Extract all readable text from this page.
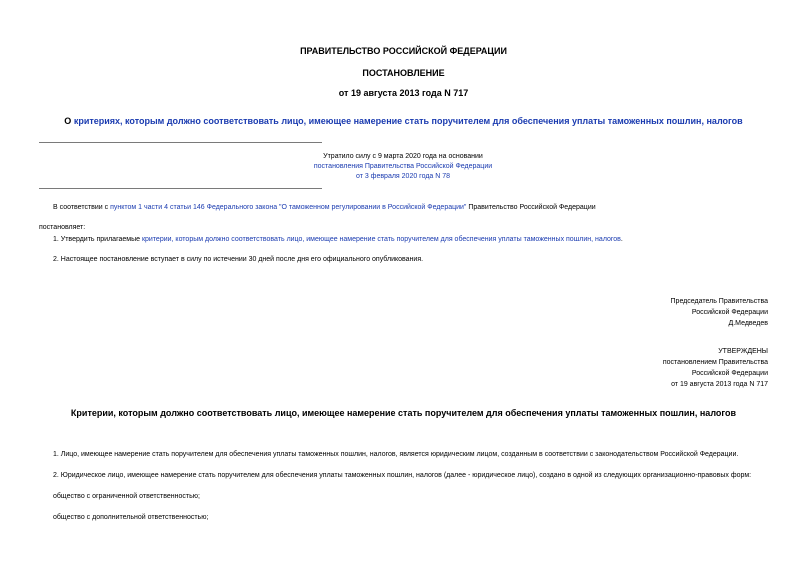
ПРАВИТЕЛЬСТВО РОССИЙСКОЙ ФЕДЕРАЦИИ
ПОСТАНОВЛЕНИЕ
от 19 августа 2013 года N 717
О критериях, которым должно соответствовать лицо, имеющее намерение стать поручителем для обеспечения уплаты таможенных пошлин, налогов
Утратило силу с 9 марта 2020 года на основании
постановления Правительства Российской Федерации
от 3 февраля 2020 года N 78
В соответствии с пунктом 1 части 4 статьи 146 Федерального закона "О таможенном регулировании в Российской Федерации" Правительство Российской Федерации
постановляет:
1. Утвердить прилагаемые критерии, которым должно соответствовать лицо, имеющее намерение стать поручителем для обеспечения уплаты таможенных пошлин, налогов.
2. Настоящее постановление вступает в силу по истечении 30 дней после дня его официального опубликования.
Председатель Правительства
Российской Федерации
Д.Медведев
УТВЕРЖДЕНЫ
постановлением Правительства
Российской Федерации
от 19 августа 2013 года N 717
Критерии, которым должно соответствовать лицо, имеющее намерение стать поручителем для обеспечения уплаты таможенных пошлин, налогов
1. Лицо, имеющее намерение стать поручителем для обеспечения уплаты таможенных пошлин, налогов, является юридическим лицом, созданным в соответствии с законодательством Российской Федерации.
2. Юридическое лицо, имеющее намерение стать поручителем для обеспечения уплаты таможенных пошлин, налогов (далее - юридическое лицо), создано в одной из следующих организационно-правовых форм:
общество с ограниченной ответственностью;
общество с дополнительной ответственностью;
